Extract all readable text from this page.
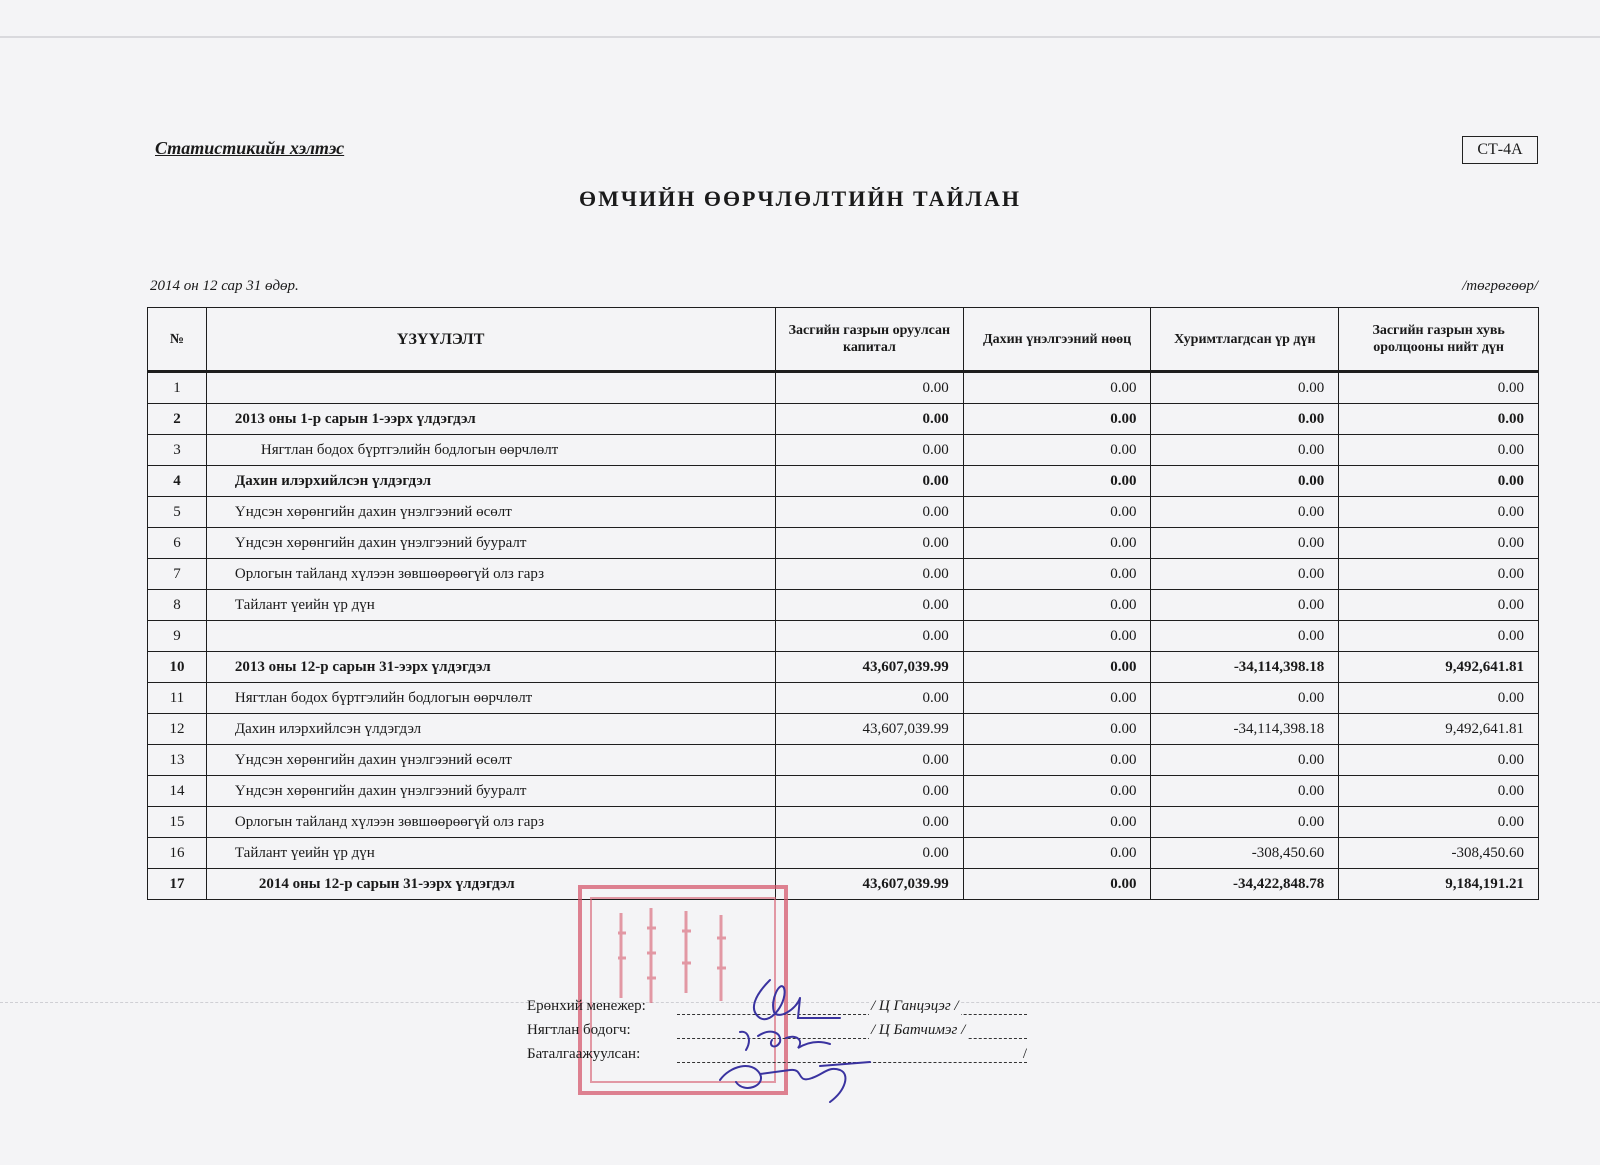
Статистикийн хэлтэс	СТ-4А
ӨМЧИЙН ӨӨРЧЛӨЛТИЙН ТАЙЛАН
2014 он 12 сар 31 өдөр.	/төгрөгөөр/
№	ҮЗҮҮЛЭЛТ	Засгийн газрын оруулсан капитал	Дахин үнэлгээний нөөц	Хуримтлагдсан үр дүн	Засгийн газрын хувь оролцооны нийт дүн
1		0.00	0.00	0.00	0.00
2	2013 оны 1-р сарын 1-ээрх үлдэгдэл	0.00	0.00	0.00	0.00
3	Нягтлан бодох бүртгэлийн бодлогын өөрчлөлт	0.00	0.00	0.00	0.00
4	Дахин илэрхийлсэн үлдэгдэл	0.00	0.00	0.00	0.00
5	Үндсэн хөрөнгийн дахин үнэлгээний өсөлт	0.00	0.00	0.00	0.00
6	Үндсэн хөрөнгийн дахин үнэлгээний бууралт	0.00	0.00	0.00	0.00
7	Орлогын тайланд хүлээн зөвшөөрөөгүй олз гарз	0.00	0.00	0.00	0.00
8	Тайлант үеийн үр дүн	0.00	0.00	0.00	0.00
9		0.00	0.00	0.00	0.00
10	2013 оны 12-р сарын 31-ээрх үлдэгдэл	43,607,039.99	0.00	-34,114,398.18	9,492,641.81
11	Нягтлан бодох бүртгэлийн бодлогын өөрчлөлт	0.00	0.00	0.00	0.00
12	Дахин илэрхийлсэн үлдэгдэл	43,607,039.99	0.00	-34,114,398.18	9,492,641.81
13	Үндсэн хөрөнгийн дахин үнэлгээний өсөлт	0.00	0.00	0.00	0.00
14	Үндсэн хөрөнгийн дахин үнэлгээний бууралт	0.00	0.00	0.00	0.00
15	Орлогын тайланд хүлээн зөвшөөрөөгүй олз гарз	0.00	0.00	0.00	0.00
16	Тайлант үеийн үр дүн	0.00	0.00	-308,450.60	-308,450.60
17	2014 оны 12-р сарын 31-ээрх үлдэгдэл	43,607,039.99	0.00	-34,422,848.78	9,184,191.21
Ерөнхий менежер:	/ Ц Ганцэцэг /
Нягтлан бодогч:	/ Ц Батчимэг /
Баталгаажуулсан:	/
